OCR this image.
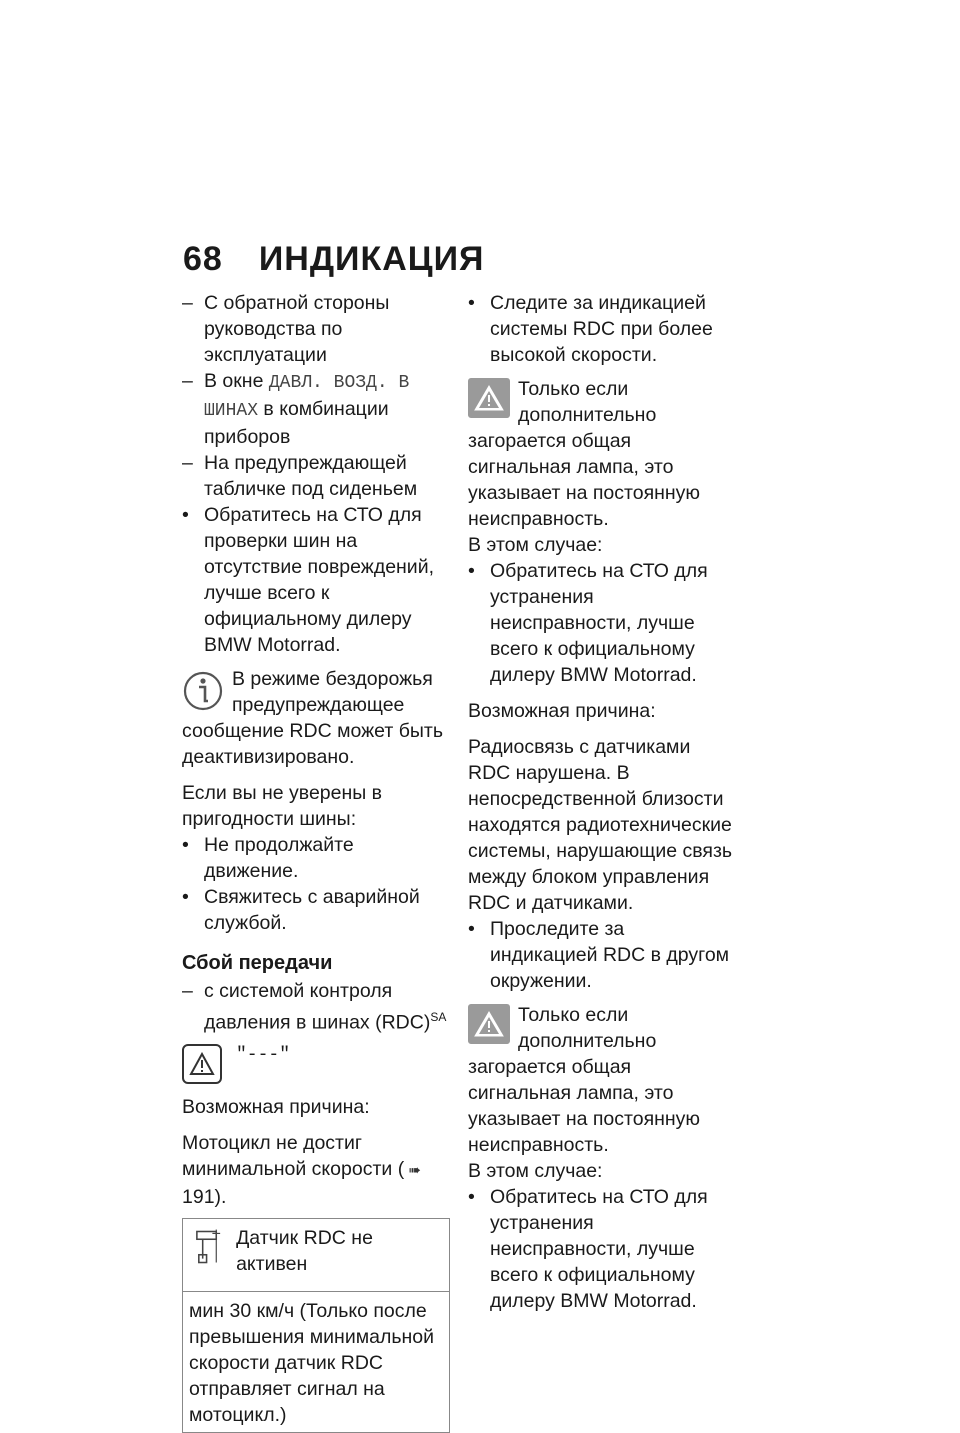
68 ИНДИКАЦИЯ

– С обратной стороны руководства по эксплуатации

– В окне ДАВЛ. ВОЗД. В ШИНАХ в комбинации приборов

– На предупреждающей табличке под сиденьем

• Обратитесь на СТО для проверки шин на отсутствие повреждений, лучше всего к официальному дилеру BMW Motorrad.

В режиме бездорожья предупреждающее сообщение RDC может быть деактивизировано.

Если вы не уверены в пригодности шины:

• Не продолжайте движение.

• Свяжитесь с аварийной службой.

Сбой передачи

– с системой контроля давления в шинах (RDC)$^{SA}$

"---"

Возможная причина:

Мотоцикл не достиг минимальной скорости ( ➠191).

Датчик RDC не активен
мин 30 км/ч (Только после превышения минимальной скорости датчик RDC отправляет сигнал на мотоцикл.)

• Следите за индикацией системы RDC при более высокой скорости.

Только если дополнительно загорается общая сигнальная лампа, это указывает на постоянную неисправность.

В этом случае:

• Обратитесь на СТО для устранения неисправности, лучше всего к официальному дилеру BMW Motorrad.

Возможная причина:

Радиосвязь с датчиками RDC нарушена. В непосредственной близости находятся радиотехнические системы, нарушающие связь между блоком управления RDC и датчиками.

• Проследите за индикацией RDC в другом окружении.

Только если дополнительно загорается общая сигнальная лампа, это указывает на постоянную неисправность.

В этом случае:

• Обратитесь на СТО для устранения неисправности, лучше всего к официальному дилеру BMW Motorrad.
